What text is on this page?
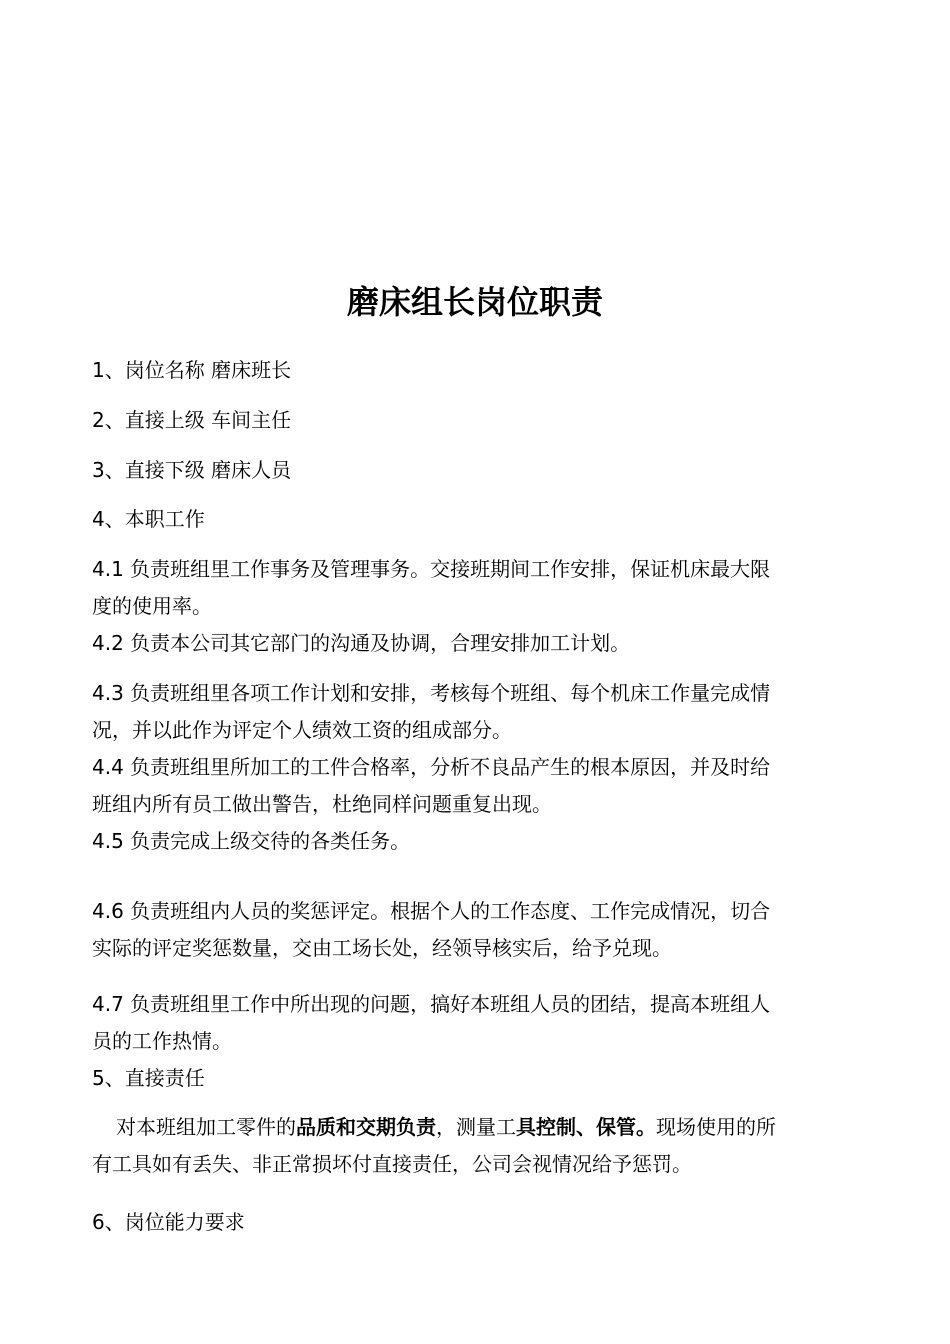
磨床组长岗位职责
1、岗位名称 磨床班长
2、直接上级 车间主任
3、直接下级 磨床人员
4、本职工作
4.1 负责班组里工作事务及管理事务。交接班期间工作安排，保证机床最大限
度的使用率。
4.2 负责本公司其它部门的沟通及协调，合理安排加工计划。
4.3 负责班组里各项工作计划和安排，考核每个班组、每个机床工作量完成情
况，并以此作为评定个人绩效工资的组成部分。
4.4 负责班组里所加工的工件合格率，分析不良品产生的根本原因，并及时给
班组内所有员工做出警告，杜绝同样问题重复出现。
4.5 负责完成上级交待的各类任务。
4.6 负责班组内人员的奖惩评定。根据个人的工作态度、工作完成情况，切合
实际的评定奖惩数量，交由工场长处，经领导核实后，给予兑现。
4.7 负责班组里工作中所出现的问题，搞好本班组人员的团结，提高本班组人
员的工作热情。
5、直接责任
对本班组加工零件的品质和交期负责，测量工具控制、保管。现场使用的所
有工具如有丢失、非正常损坏付直接责任，公司会视情况给予惩罚。
6、岗位能力要求
